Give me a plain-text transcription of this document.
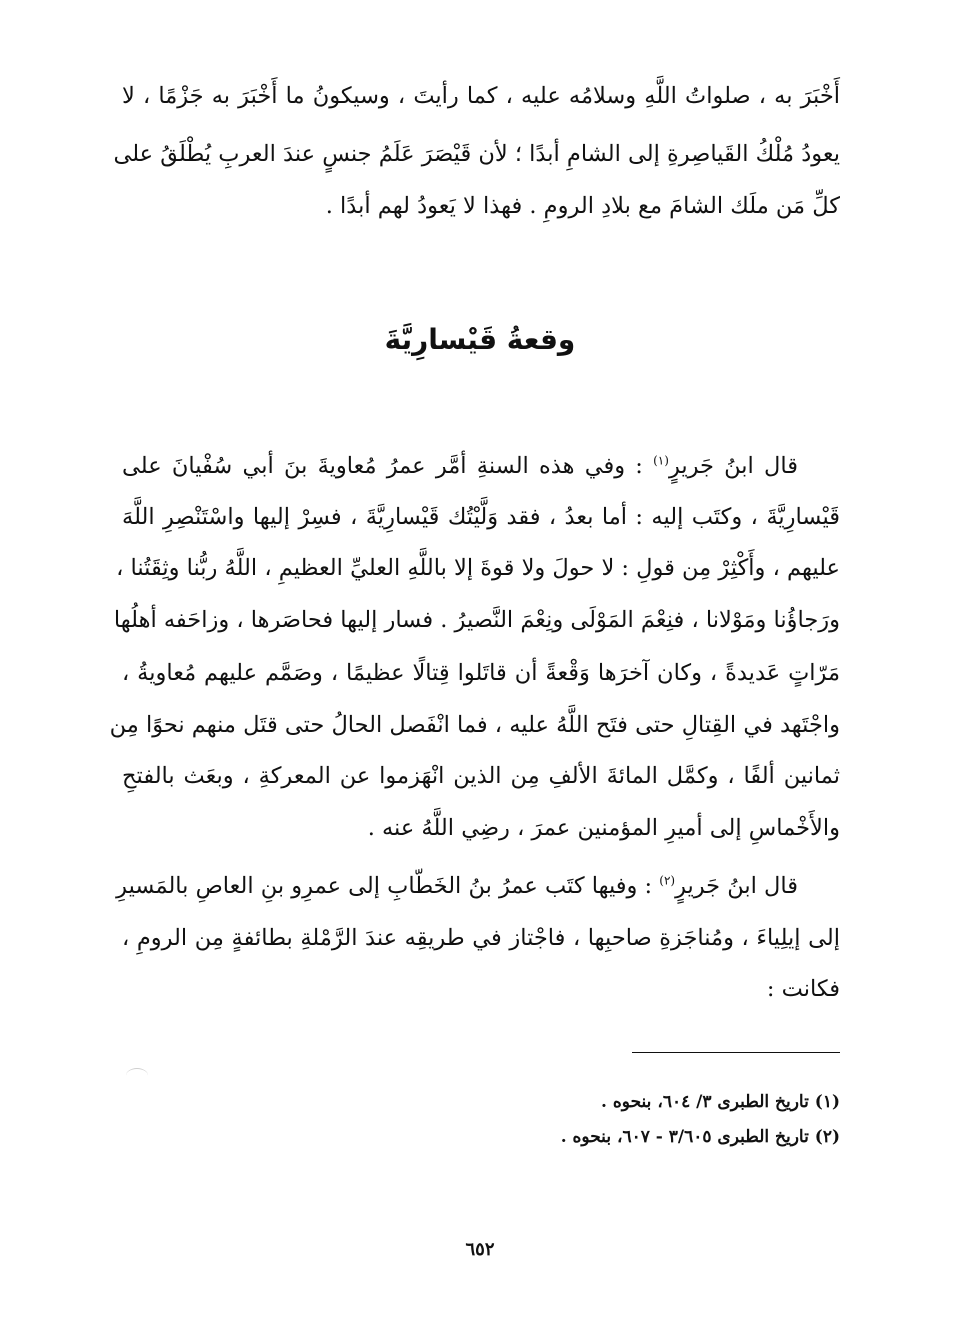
أَخْبَرَ به ، صلواتُ اللَّهِ وسلامُه عليه ، كما رأيتَ ، وسيكونُ ما أَخْبَرَ به جَزْمًا ، لا
يعودُ مُلْكُ القَياصِرةِ إلى الشامِ أبدًا ؛ لأن قَيْصَرَ عَلَمُ جنسٍ عندَ العربِ يُطْلَقُ على
كلِّ مَن ملَك الشامَ مع بلادِ الرومِ . فهذا لا يَعودُ لهم أبدًا .
وقعةُ قَيْسارِيَّةَ
قال ابنُ جَريرٍ$^{(١)}$ : وفي هذه السنةِ أمَّر عمرُ مُعاويةَ بنَ أبي سُفْيانَ على
قَيْسارِيَّةَ ، وكتَب إليه : أما بعدُ ، فقد وَلَّيْتُك قَيْسارِيَّةَ ، فسِرْ إليها واسْتَنْصِرِ اللَّهَ
عليهم ، وأَكْثِرْ مِن قولِ : لا حولَ ولا قوةَ إلا باللَّهِ العليِّ العظيمِ ، اللَّهُ ربُّنا وثِقَتُنا ،
ورَجاؤُنا ومَوْلانا ، فنِعْمَ المَوْلَى ونِعْمَ النَّصيرُ . فسار إليها فحاصَرها ، وزاحَفه أهلُها
مَرّاتٍ عَديدةً ، وكان آخرَها وَقْعةً أن قاتَلوا قِتالًا عظيمًا ، وصَمَّم عليهم مُعاويةُ ،
واجْتَهد في القِتالِ حتى فتَح اللَّهُ عليه ، فما انْفَصل الحالُ حتى قتَل منهم نحوًا مِن
ثمانين ألفًا ، وكمَّل المائةَ الألفِ مِن الذين انْهَزموا عن المعركةِ ، وبعَث بالفتحِ
والأَخْماسِ إلى أميرِ المؤمنين عمرَ ، رضِي اللَّهُ عنه .
قال ابنُ جَريرٍ$^{(٢)}$ : وفيها كتَب عمرُ بنُ الخَطّابِ إلى عمرِو بنِ العاصِ بالمَسيرِ
إلى إيلِياءَ ، ومُناجَزةِ صاحبِها ، فاجْتاز في طريقِه عندَ الرَّمْلةِ بطائفةٍ مِن الرومِ ،
فكانت :
(١) تاريخ الطبرى ٣/ ٦٠٤، بنحوه .
(٢) تاريخ الطبرى ٣/٦٠٥ - ٦٠٧، بنحوه .
٦٥٢
